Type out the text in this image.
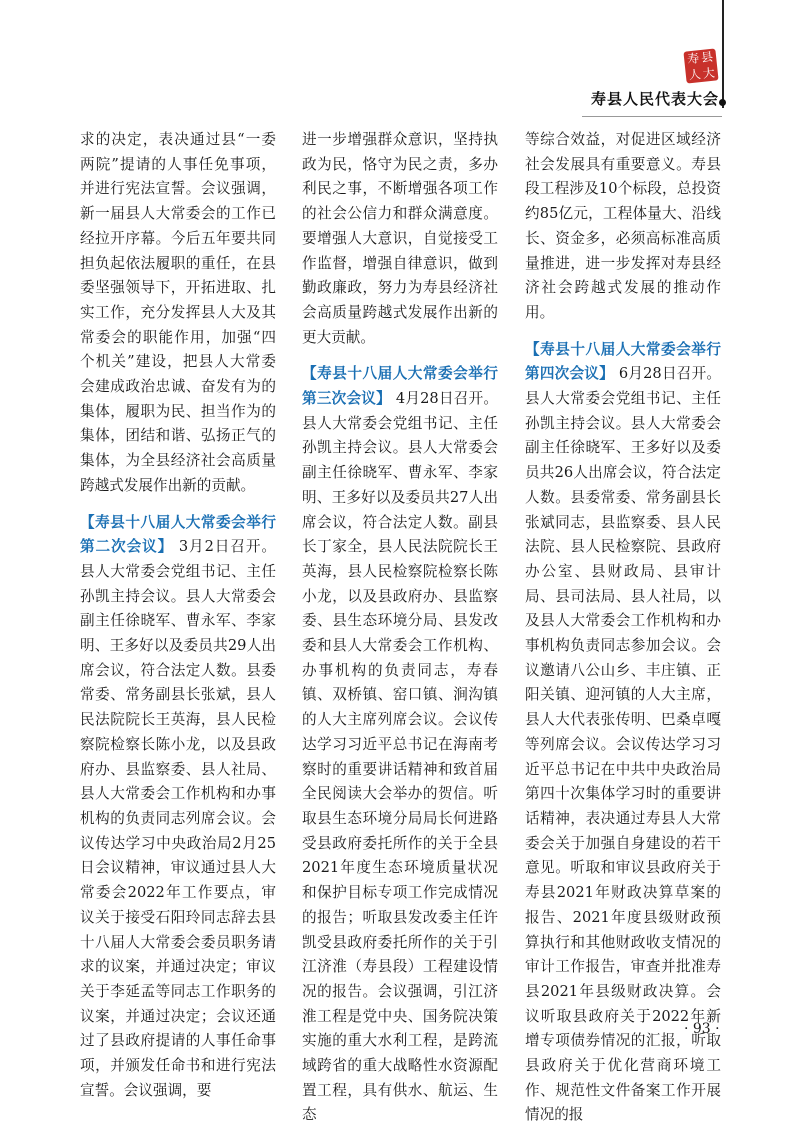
寿 县
人 大
寿县人民代表大会

求的决定，表决通过县“一委两院”提请的人事任免事项，并进行宪法宣誓。会议强调，新一届县人大常委会的工作已经拉开序幕。今后五年要共同担负起依法履职的重任，在县委坚强领导下，开拓进取、扎实工作，充分发挥县人大及其常委会的职能作用，加强“四个机关”建设，把县人大常委会建成政治忠诚、奋发有为的集体，履职为民、担当作为的集体，团结和谐、弘扬正气的集体，为全县经济社会高质量跨越式发展作出新的贡献。

【寿县十八届人大常委会举行第二次会议】 3月2日召开。县人大常委会党组书记、主任孙凯主持会议。县人大常委会副主任徐晓军、曹永军、李家明、王多好以及委员共29人出席会议，符合法定人数。县委常委、常务副县长张斌，县人民法院院长王英海，县人民检察院检察长陈小龙，以及县政府办、县监察委、县人社局、县人大常委会工作机构和办事机构的负责同志列席会议。会议传达学习中央政治局2月25日会议精神，审议通过县人大常委会2022年工作要点，审议关于接受石阳玲同志辞去县十八届人大常委会委员职务请求的议案，并通过决定；审议关于李延孟等同志工作职务的议案，并通过决定；会议还通过了县政府提请的人事任命事项，并颁发任命书和进行宪法宣誓。会议强调，要

进一步增强群众意识，坚持执政为民，恪守为民之责，多办利民之事，不断增强各项工作的社会公信力和群众满意度。要增强人大意识，自觉接受工作监督，增强自律意识，做到勤政廉政，努力为寿县经济社会高质量跨越式发展作出新的更大贡献。

【寿县十八届人大常委会举行第三次会议】 4月28日召开。县人大常委会党组书记、主任孙凯主持会议。县人大常委会副主任徐晓军、曹永军、李家明、王多好以及委员共27人出席会议，符合法定人数。副县长丁家全，县人民法院院长王英海，县人民检察院检察长陈小龙，以及县政府办、县监察委、县生态环境分局、县发改委和县人大常委会工作机构、办事机构的负责同志，寿春镇、双桥镇、窑口镇、涧沟镇的人大主席列席会议。会议传达学习习近平总书记在海南考察时的重要讲话精神和致首届全民阅读大会举办的贺信。听取县生态环境分局局长何进路受县政府委托所作的关于全县2021年度生态环境质量状况和保护目标专项工作完成情况的报告；听取县发改委主任许凯受县政府委托所作的关于引江济淮（寿县段）工程建设情况的报告。会议强调，引江济淮工程是党中央、国务院决策实施的重大水利工程，是跨流域跨省的重大战略性水资源配置工程，具有供水、航运、生态

等综合效益，对促进区域经济社会发展具有重要意义。寿县段工程涉及10个标段，总投资约85亿元，工程体量大、沿线长、资金多，必须高标准高质量推进，进一步发挥对寿县经济社会跨越式发展的推动作用。

【寿县十八届人大常委会举行第四次会议】 6月28日召开。县人大常委会党组书记、主任孙凯主持会议。县人大常委会副主任徐晓军、王多好以及委员共26人出席会议，符合法定人数。县委常委、常务副县长张斌同志，县监察委、县人民法院、县人民检察院、县政府办公室、县财政局、县审计局、县司法局、县人社局，以及县人大常委会工作机构和办事机构负责同志参加会议。会议邀请八公山乡、丰庄镇、正阳关镇、迎河镇的人大主席，县人大代表张传明、巴桑卓嘎等列席会议。会议传达学习习近平总书记在中共中央政治局第四十次集体学习时的重要讲话精神，表决通过寿县人大常委会关于加强自身建设的若干意见。听取和审议县政府关于寿县2021年财政决算草案的报告、2021年度县级财政预算执行和其他财政收支情况的审计工作报告，审查并批准寿县2021年县级财政决算。会议听取县政府关于2022年新增专项债券情况的汇报，听取县政府关于优化营商环境工作、规范性文件备案工作开展情况的报

· 93 ·
